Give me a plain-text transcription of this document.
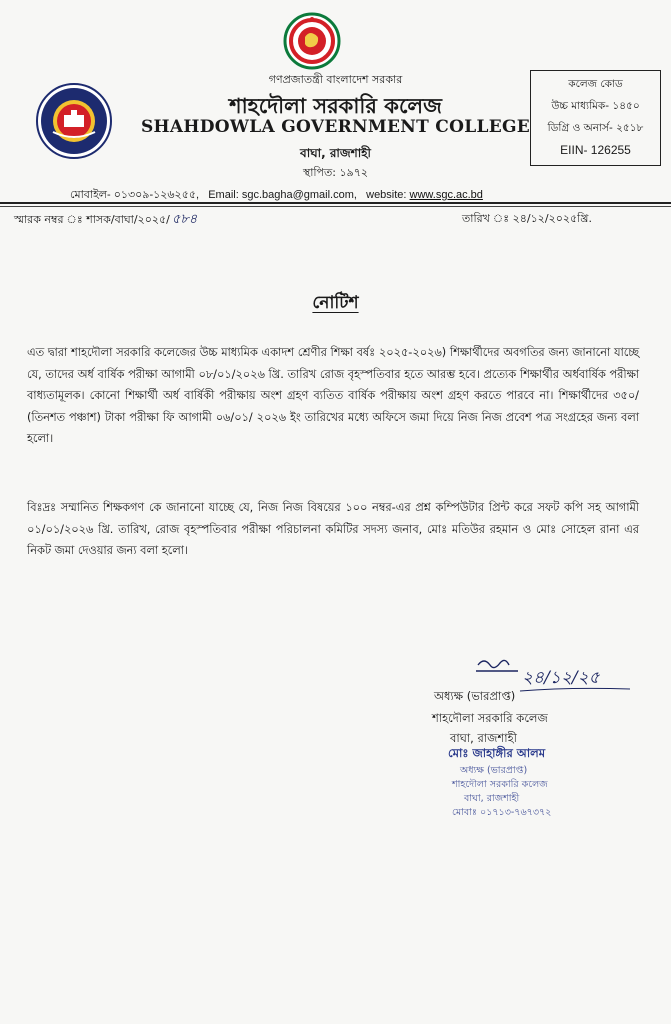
গণপ্রজাতন্ত্রী বাংলাদেশ সরকার
শাহদৌলা সরকারি কলেজ
SHAHDOWLA GOVERNMENT COLLEGE
বাঘা, রাজশাহী
স্থাপিত: ১৯৭২
কলেজ কোড
উচ্চ মাধ্যমিক- ১৪৫০
ডিগ্রি ও অনার্স- ২৫১৮
EIIN- 126255
মোবাইল- ০১৩০৯-১২৬২৫৫, Email: sgc.bagha@gmail.com, website: www.sgc.ac.bd
স্মারক নম্বর ঃ শাসক/বাঘা/২০২৫/ ৫৮৪	তারিখ ঃ ২৪/১২/২০২৫খ্রি.
নোটিশ
এত দ্বারা শাহদৌলা সরকারি কলেজের উচ্চ মাধ্যমিক একাদশ শ্রেণীর শিক্ষা বর্ষঃ ২০২৫-২০২৬) শিক্ষার্থীদের অবগতির জন্য জানানো যাচ্ছে যে, তাদের অর্ধ বার্ষিক পরীক্ষা আগামী ০৮/০১/২০২৬ খ্রি. তারিখ রোজ বৃহস্পতিবার হতে আরম্ভ হবে। প্রত্যেক শিক্ষার্থীর অর্ধবার্ষিক পরীক্ষা বাধ্যতামূলক। কোনো শিক্ষার্থী অর্ধ বার্ষিকী পরীক্ষায় অংশ গ্রহণ ব্যতিত বার্ষিক পরীক্ষায় অংশ গ্রহণ করতে পারবে না। শিক্ষার্থীদের ৩৫০/ (তিনশত পঞ্চাশ) টাকা পরীক্ষা ফি আগামী ০৬/০১/ ২০২৬ ইং তারিখের মধ্যে অফিসে জমা দিয়ে নিজ নিজ প্রবেশ পত্র সংগ্রহের জন্য বলা হলো।
বিঃদ্রঃ সম্মানিত শিক্ষকগণ কে জানানো যাচ্ছে যে, নিজ নিজ বিষয়ের ১০০ নম্বর-এর প্রশ্ন কম্পিউটার প্রিন্ট করে সফট কপি সহ আগামী ০১/০১/২০২৬ খ্রি. তারিখ, রোজ বৃহস্পতিবার পরীক্ষা পরিচালনা কমিটির সদস্য জনাব, মোঃ মতিউর রহমান ও মোঃ সোহেল রানা এর নিকট জমা দেওয়ার জন্য বলা হলো।
২৪/১২/২৫
অধ্যক্ষ (ভারপ্রাপ্ত)
শাহদৌলা সরকারি কলেজ
বাঘা, রাজশাহী
মোঃ জাহাঙ্গীর আলম
অধ্যক্ষ (ভারপ্রাপ্ত)
শাহদৌলা সরকারি কলেজ
বাঘা, রাজশাহী
মোবাঃ ০১৭১৩-৭৬৭৩৭২
